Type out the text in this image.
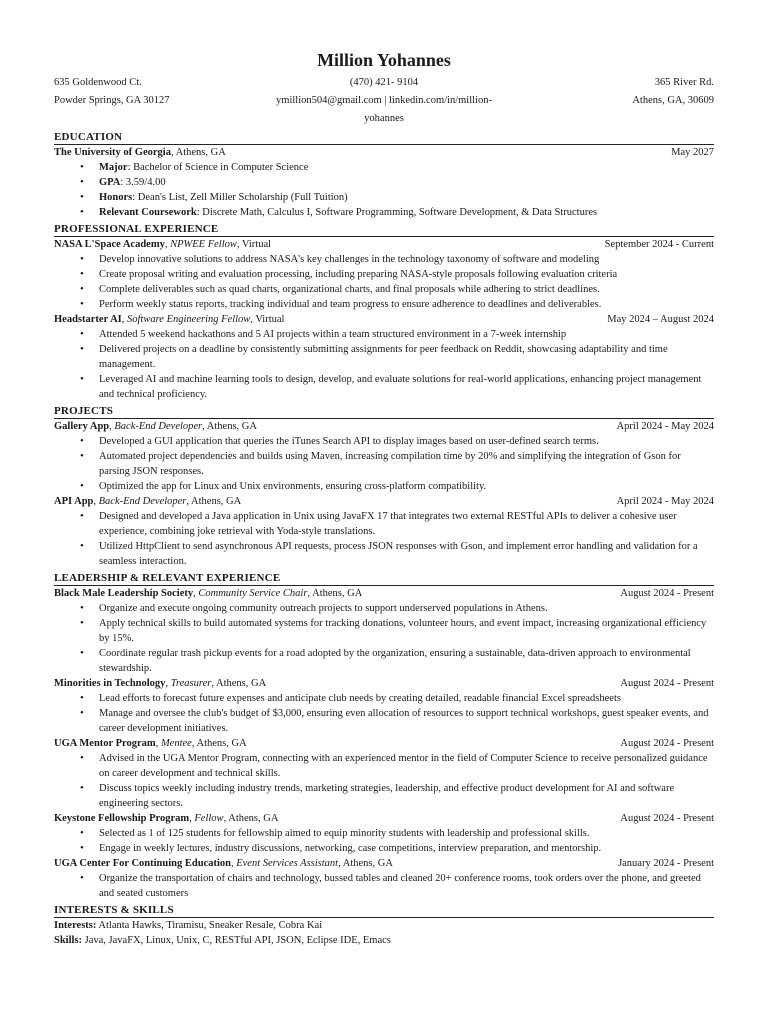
Million Yohannes
635 Goldenwood Ct.	(470) 421- 9104	365 River Rd.
Powder Springs, GA 30127	ymillion504@gmail.com | linkedin.com/in/million-yohannes
Athens, GA, 30609
EDUCATION
The University of Georgia, Athens, GA	May 2027
• Major: Bachelor of Science in Computer Science
• GPA: 3.59/4.00
• Honors: Dean's List, Zell Miller Scholarship (Full Tuition)
• Relevant Coursework: Discrete Math, Calculus I, Software Programming, Software Development, & Data Structures
PROFESSIONAL EXPERIENCE
NASA L'Space Academy, NPWEE Fellow, Virtual	September 2024 - Current
• Develop innovative solutions to address NASA's key challenges in the technology taxonomy of software and modeling
• Create proposal writing and evaluation processing, including preparing NASA-style proposals following evaluation criteria
• Complete deliverables such as quad charts, organizational charts, and final proposals while adhering to strict deadlines.
• Perform weekly status reports, tracking individual and team progress to ensure adherence to deadlines and deliverables.
Headstarter AI, Software Engineering Fellow, Virtual	May 2024 – August 2024
• Attended 5 weekend hackathons and 5 AI projects within a team structured environment in a 7-week internship
• Delivered projects on a deadline by consistently submitting assignments for peer feedback on Reddit, showcasing adaptability and time management.
• Leveraged AI and machine learning tools to design, develop, and evaluate solutions for real-world applications, enhancing project management and technical proficiency.
PROJECTS
Gallery App, Back-End Developer, Athens, GA	April 2024 - May 2024
• Developed a GUI application that queries the iTunes Search API to display images based on user-defined search terms.
• Automated project dependencies and builds using Maven, increasing compilation time by 20% and simplifying the integration of Gson for parsing JSON responses.
• Optimized the app for Linux and Unix environments, ensuring cross-platform compatibility.
API App, Back-End Developer, Athens, GA	April 2024 - May 2024
• Designed and developed a Java application in Unix using JavaFX 17 that integrates two external RESTful APIs to deliver a cohesive user experience, combining joke retrieval with Yoda-style translations.
• Utilized HttpClient to send asynchronous API requests, process JSON responses with Gson, and implement error handling and validation for a seamless interaction.
LEADERSHIP & RELEVANT EXPERIENCE
Black Male Leadership Society, Community Service Chair, Athens, GA	August 2024 - Present
• Organize and execute ongoing community outreach projects to support underserved populations in Athens.
• Apply technical skills to build automated systems for tracking donations, volunteer hours, and event impact, increasing organizational efficiency by 15%.
• Coordinate regular trash pickup events for a road adopted by the organization, ensuring a sustainable, data-driven approach to environmental stewardship.
Minorities in Technology, Treasurer, Athens, GA	August 2024 - Present
• Lead efforts to forecast future expenses and anticipate club needs by creating detailed, readable financial Excel spreadsheets
• Manage and oversee the club's budget of $3,000, ensuring even allocation of resources to support technical workshops, guest speaker events, and career development initiatives.
UGA Mentor Program, Mentee, Athens, GA	August 2024 - Present
• Advised in the UGA Mentor Program, connecting with an experienced mentor in the field of Computer Science to receive personalized guidance on career development and technical skills.
• Discuss topics weekly including industry trends, marketing strategies, leadership, and effective product development for AI and software engineering sectors.
Keystone Fellowship Program, Fellow, Athens, GA	August 2024 - Present
• Selected as 1 of 125 students for fellowship aimed to equip minority students with leadership and professional skills.
• Engage in weekly lectures, industry discussions, networking, case competitions, interview preparation, and mentorship.
UGA Center For Continuing Education, Event Services Assistant, Athens, GA	January 2024 - Present
• Organize the transportation of chairs and technology, bussed tables and cleaned 20+ conference rooms, took orders over the phone, and greeted and seated customers
INTERESTS & SKILLS
Interests: Atlanta Hawks, Tiramisu, Sneaker Resale, Cobra Kai
Skills: Java, JavaFX, Linux, Unix, C, RESTful API, JSON, Eclipse IDE, Emacs
